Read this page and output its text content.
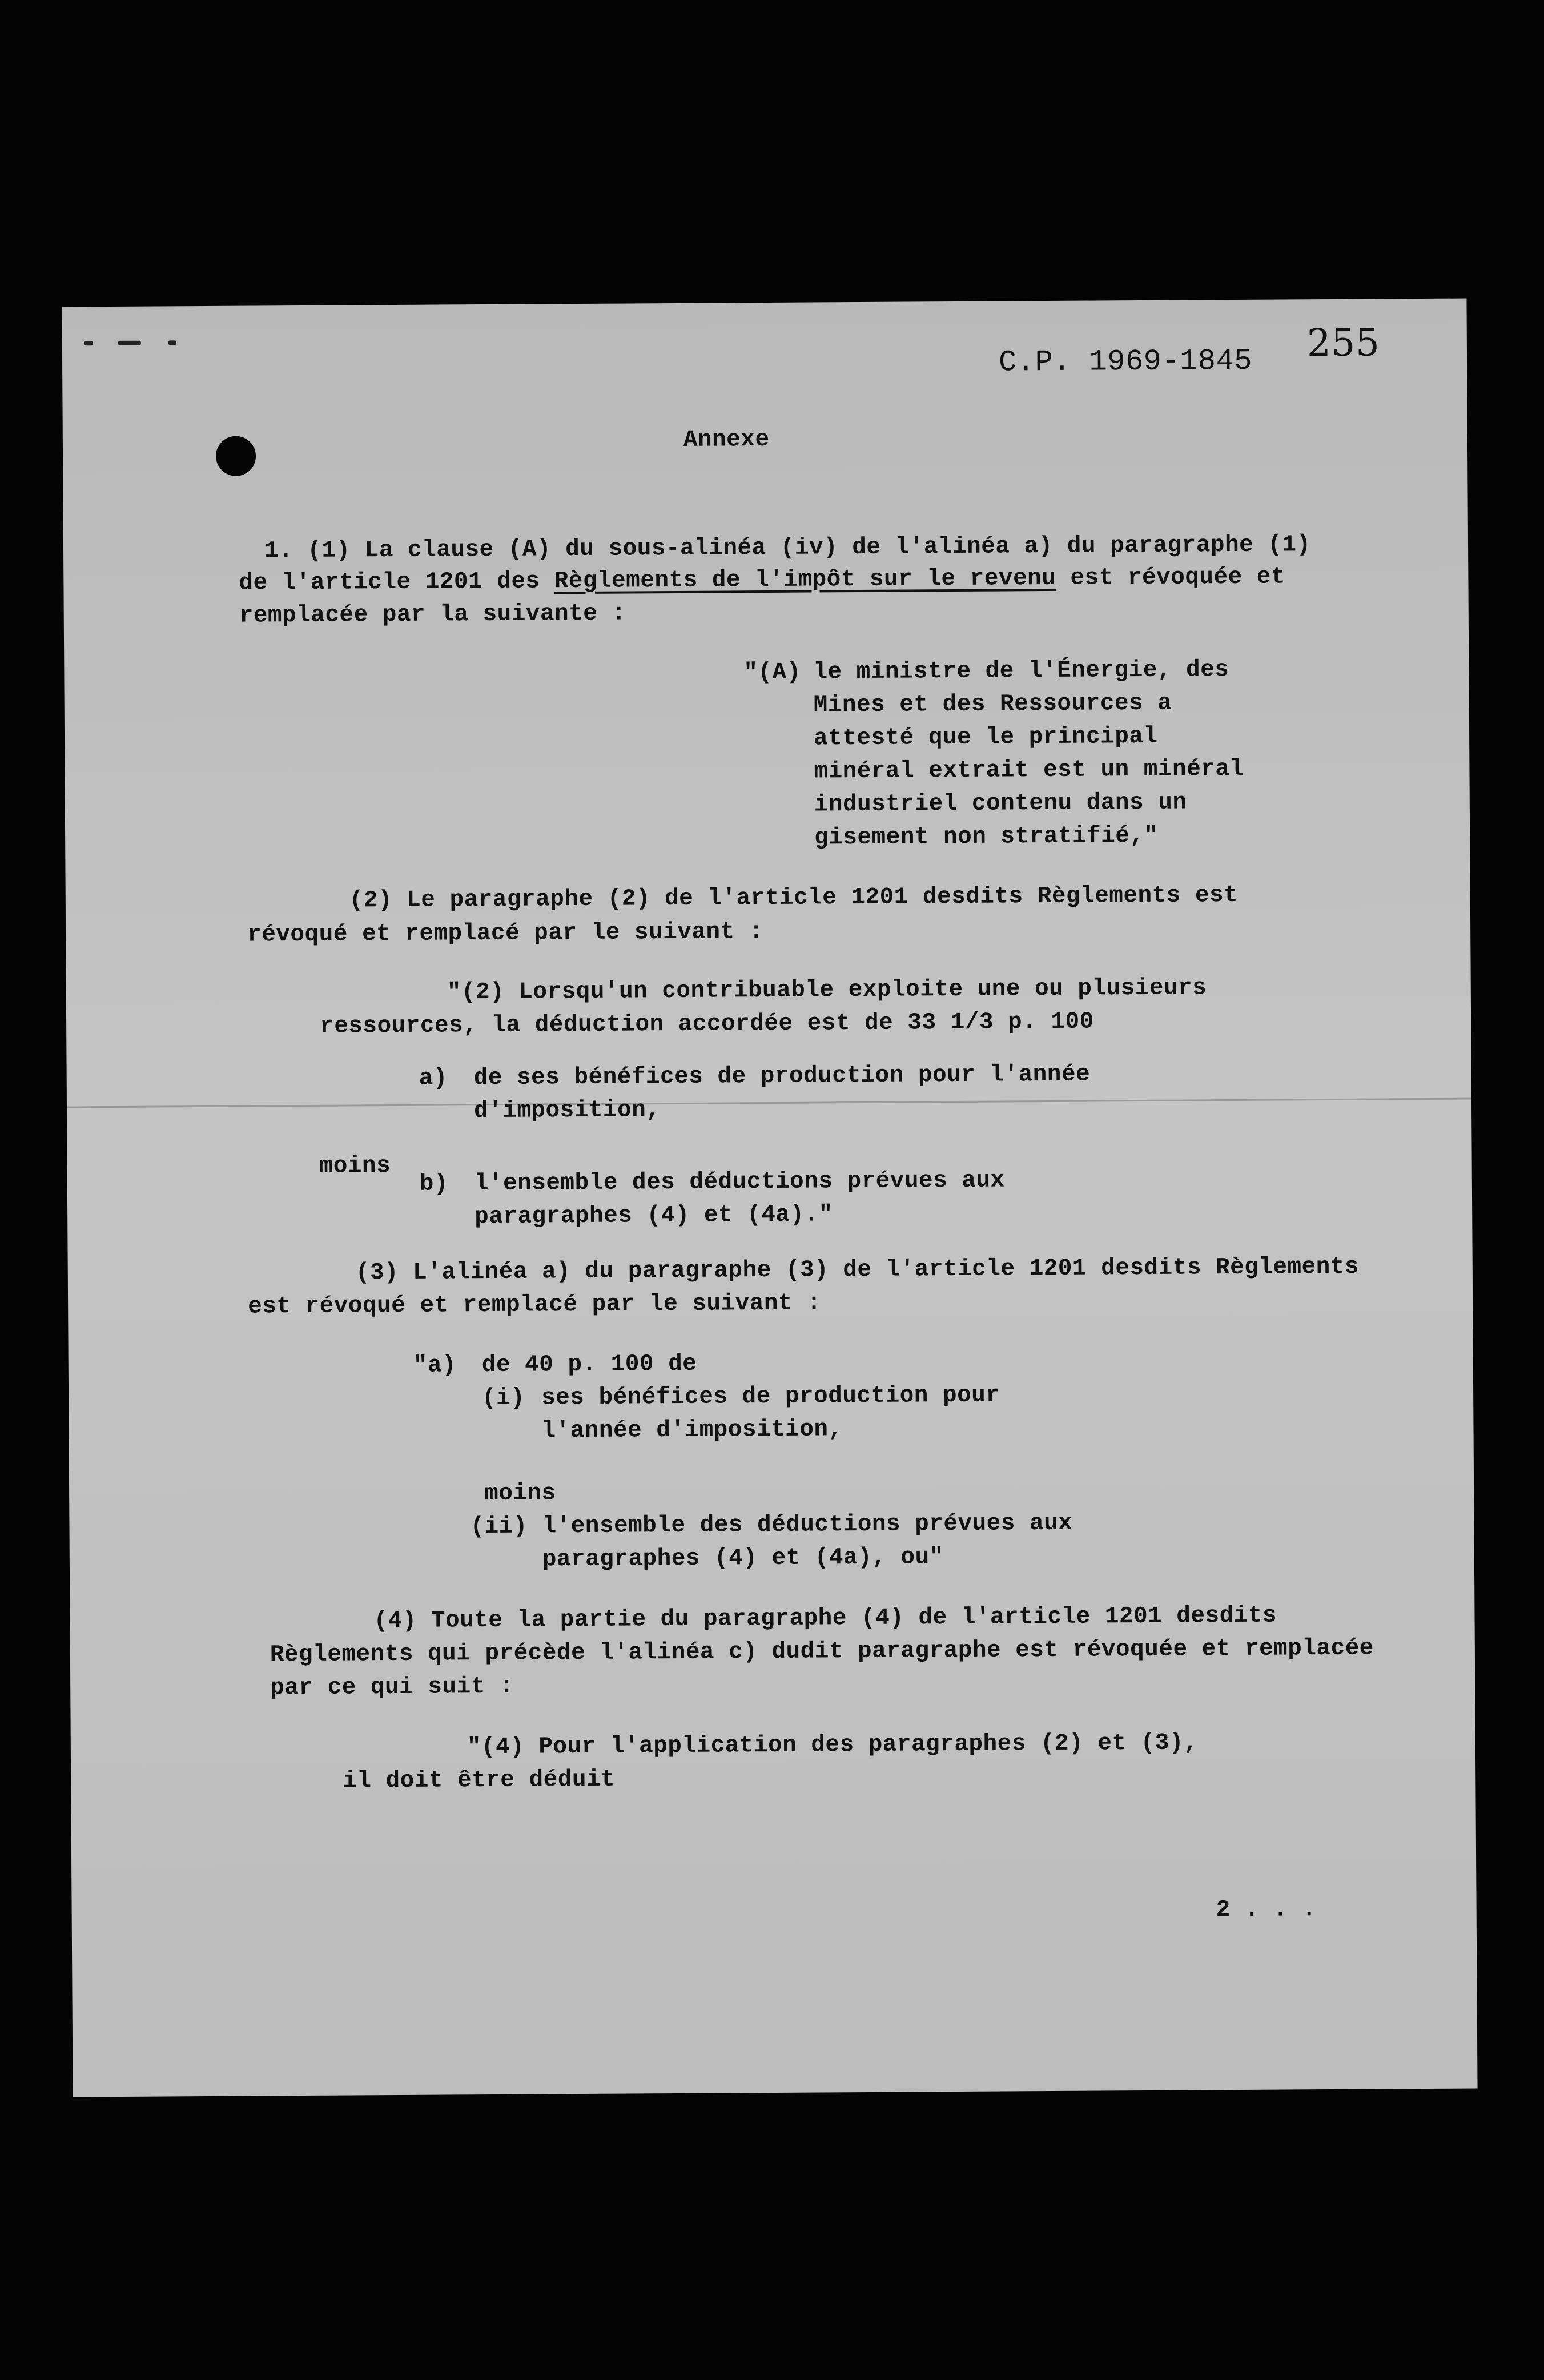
C.P. 1969-1845 255
Annexe
1. (1) La clause (A) du sous-alinéa (iv) de l'alinéa a) du paragraphe (1)
de l'article 1201 des Règlements de l'impôt sur le revenu est révoquée et
remplacée par la suivante :
"(A) le ministre de l'Énergie, des
Mines et des Ressources a
attesté que le principal
minéral extrait est un minéral
industriel contenu dans un
gisement non stratifié,"
(2) Le paragraphe (2) de l'article 1201 desdits Règlements est
révoqué et remplacé par le suivant :
"(2) Lorsqu'un contribuable exploite une ou plusieurs
ressources, la déduction accordée est de 33 1/3 p. 100
a) de ses bénéfices de production pour l'année
d'imposition,
moins
b) l'ensemble des déductions prévues aux
paragraphes (4) et (4a)."
(3) L'alinéa a) du paragraphe (3) de l'article 1201 desdits Règlements
est révoqué et remplacé par le suivant :
"a) de 40 p. 100 de
(i) ses bénéfices de production pour
l'année d'imposition,
moins
(ii) l'ensemble des déductions prévues aux
paragraphes (4) et (4a), ou"
(4) Toute la partie du paragraphe (4) de l'article 1201 desdits
Règlements qui précède l'alinéa c) dudit paragraphe est révoquée et remplacée
par ce qui suit :
"(4) Pour l'application des paragraphes (2) et (3),
il doit être déduit
2 . . .
